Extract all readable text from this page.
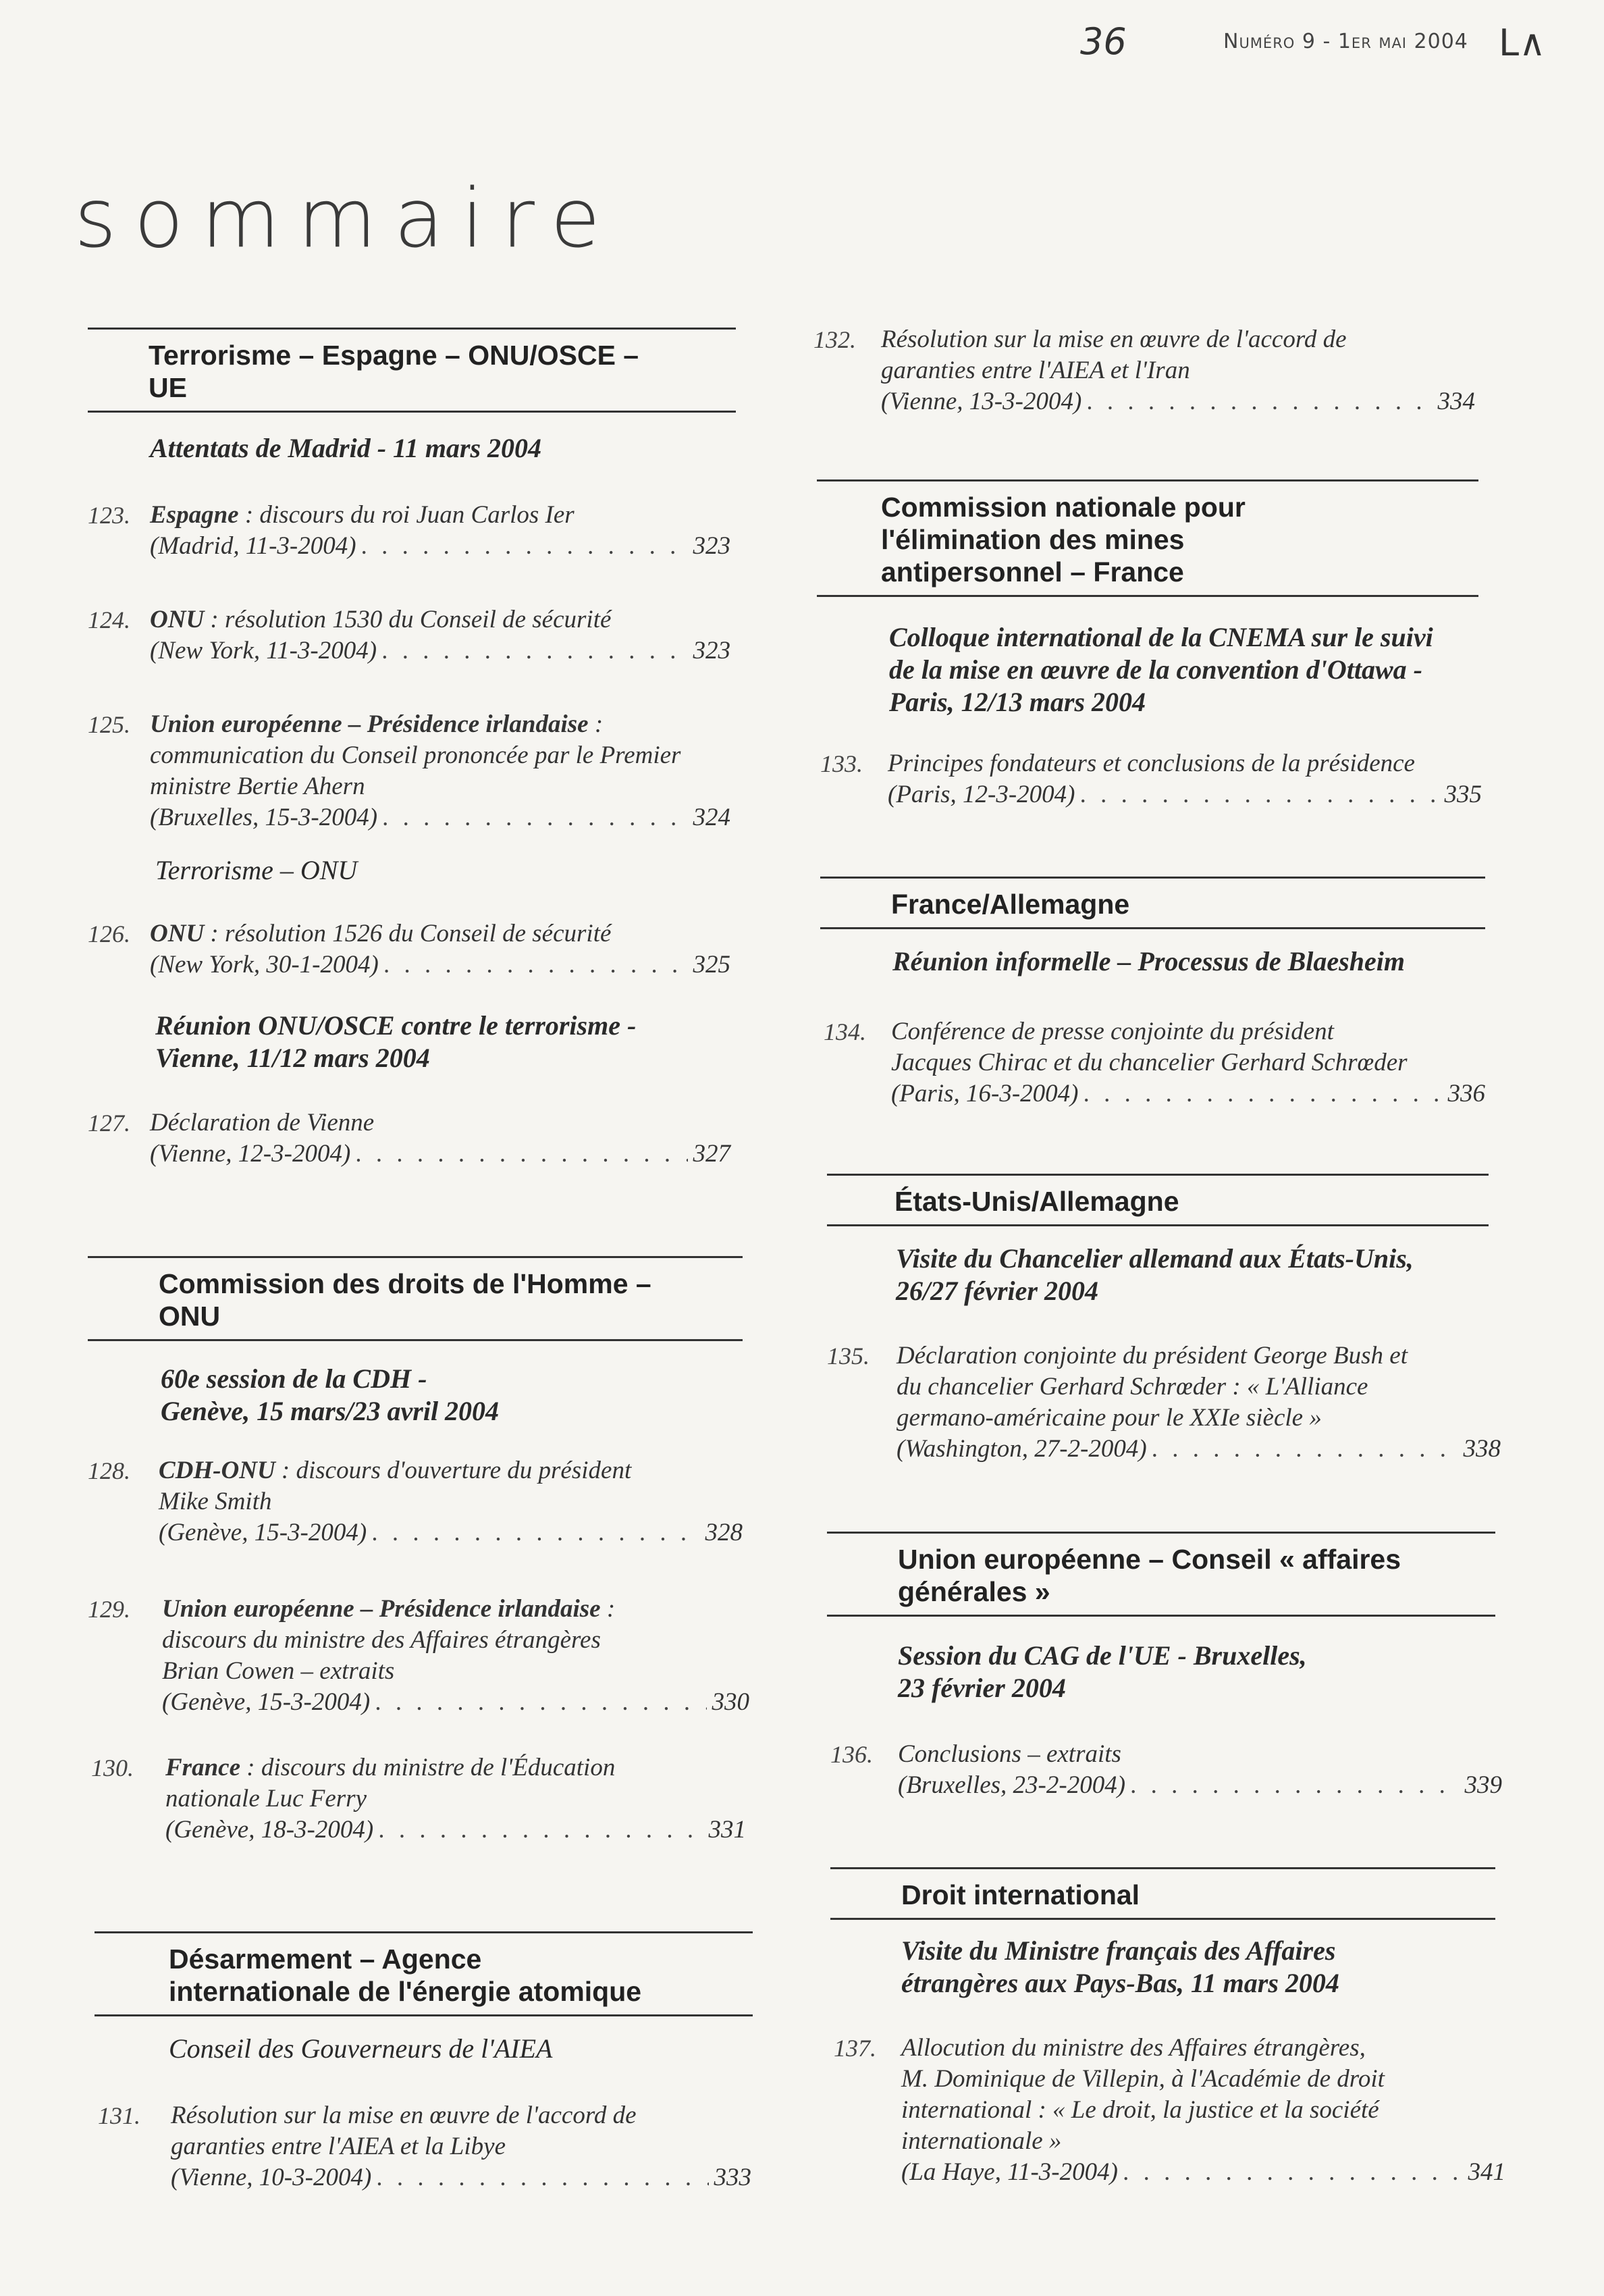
36	Numéro 9 - 1er mai 2004 L∧
sommaire
Terrorisme – Espagne – ONU/OSCE –
UE
Attentats de Madrid - 11 mars 2004
123. Espagne : discours du roi Juan Carlos Ier
(Madrid, 11-3-2004) . . .	323
124. ONU : résolution 1530 du Conseil de sécurité
(New York, 11-3-2004) . . .	323
125. Union européenne – Présidence irlandaise :
communication du Conseil prononcée par le Premier
ministre Bertie Ahern
(Bruxelles, 15-3-2004) . . .	324
Terrorisme – ONU
126. ONU : résolution 1526 du Conseil de sécurité
(New York, 30-1-2004) . . .	325
Réunion ONU/OSCE contre le terrorisme -
Vienne, 11/12 mars 2004
127. Déclaration de Vienne
(Vienne, 12-3-2004) . . .	327
Commission des droits de l'Homme –
ONU
60e session de la CDH -
Genève, 15 mars/23 avril 2004
128. CDH-ONU : discours d'ouverture du président
Mike Smith
(Genève, 15-3-2004) . . .	328
129. Union européenne – Présidence irlandaise :
discours du ministre des Affaires étrangères
Brian Cowen – extraits
(Genève, 15-3-2004) . . .	330
130. France : discours du ministre de l'Éducation
nationale Luc Ferry
(Genève, 18-3-2004) . . .	331
Désarmement – Agence
internationale de l'énergie atomique
Conseil des Gouverneurs de l'AIEA
131. Résolution sur la mise en œuvre de l'accord de
garanties entre l'AIEA et la Libye
(Vienne, 10-3-2004) . . .	333
132. Résolution sur la mise en œuvre de l'accord de
garanties entre l'AIEA et l'Iran
(Vienne, 13-3-2004) . . .	334
Commission nationale pour
l'élimination des mines
antipersonnel – France
Colloque international de la CNEMA sur le suivi
de la mise en œuvre de la convention d'Ottawa -
Paris, 12/13 mars 2004
133. Principes fondateurs et conclusions de la présidence
(Paris, 12-3-2004) . . .	335
France/Allemagne
Réunion informelle – Processus de Blaesheim
134. Conférence de presse conjointe du président
Jacques Chirac et du chancelier Gerhard Schrœder
(Paris, 16-3-2004) . . .	336
États-Unis/Allemagne
Visite du Chancelier allemand aux États-Unis,
26/27 février 2004
135. Déclaration conjointe du président George Bush et
du chancelier Gerhard Schrœder : « L'Alliance
germano-américaine pour le XXIe siècle »
(Washington, 27-2-2004) . . .	338
Union européenne – Conseil « affaires
générales »
Session du CAG de l'UE - Bruxelles,
23 février 2004
136. Conclusions – extraits
(Bruxelles, 23-2-2004) . . .	339
Droit international
Visite du Ministre français des Affaires
étrangères aux Pays-Bas, 11 mars 2004
137. Allocution du ministre des Affaires étrangères,
M. Dominique de Villepin, à l'Académie de droit
international : « Le droit, la justice et la société
internationale »
(La Haye, 11-3-2004) . . .	341
